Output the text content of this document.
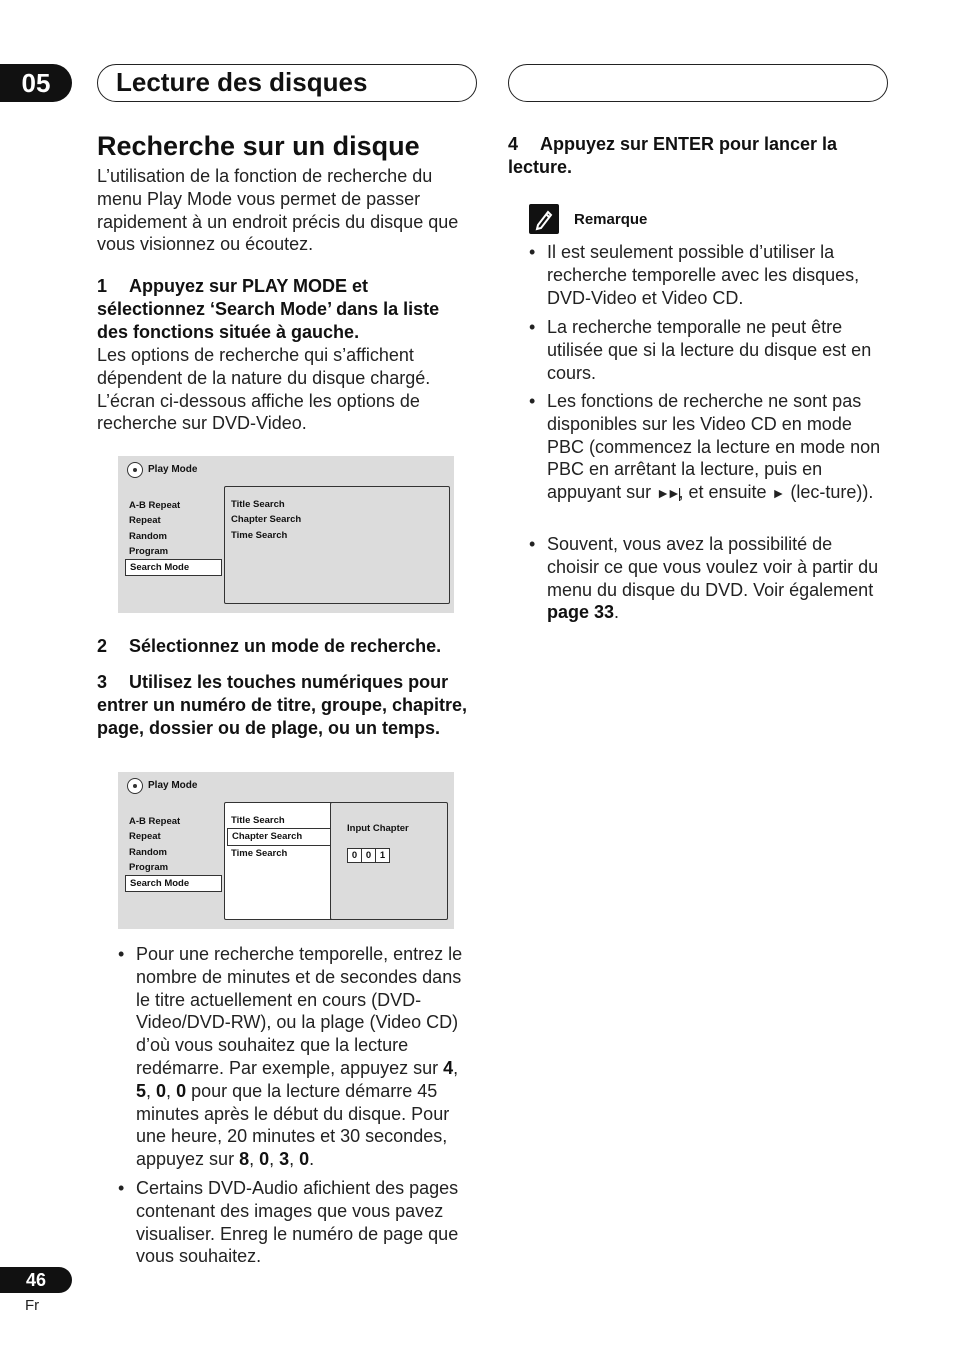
05	Lecture des disques
Recherche sur un disque
L’utilisation de la fonction de recherche du menu Play Mode vous permet de passer rapidement à un endroit précis du disque que vous visionnez ou écoutez.
1 Appuyez sur PLAY MODE et sélectionnez ‘Search Mode’ dans la liste des fonctions située à gauche.
Les options de recherche qui s’affichent dépendent de la nature du disque chargé. L’écran ci-dessous affiche les options de recherche sur DVD-Video.
Play Mode
A-B Repeat
Repeat
Random
Program
Search Mode
Title Search
Chapter Search
Time Search
2 Sélectionnez un mode de recherche.
3 Utilisez les touches numériques pour entrer un numéro de titre, groupe, chapitre, page, dossier ou de plage, ou un temps.
Play Mode
A-B Repeat
Repeat
Random
Program
Search Mode
Title Search
Chapter Search
Time Search
Input Chapter
0 0 1
• Pour une recherche temporelle, entrez le nombre de minutes et de secondes dans le titre actuellement en cours (DVD-Video/DVD-RW), ou la plage (Video CD) d’où vous souhaitez que la lecture redémarre. Par exemple, appuyez sur 4, 5, 0, 0 pour que la lecture démarre 45 minutes après le début du disque. Pour une heure, 20 minutes et 30 secondes, appuyez sur 8, 0, 3, 0.
• Certains DVD-Audio afichient des pages contenant des images que vous pavez visualiser. Enreg le numéro de page que vous souhaitez.
4 Appuyez sur ENTER pour lancer la lecture.
Remarque
• Il est seulement possible d’utiliser la recherche temporelle avec les disques, DVD-Video et Video CD.
• La recherche temporalle ne peut être utilisée que si la lecture du disque est en cours.
• Les fonctions de recherche ne sont pas disponibles sur les Video CD en mode PBC (commencez la lecture en mode non PBC en arrêtant la lecture, puis en appuyant sur ►►|, et ensuite ► (lec-ture)).
• Souvent, vous avez la possibilité de choisir ce que vous voulez voir à partir du menu du disque du DVD. Voir également page 33.
46
Fr
